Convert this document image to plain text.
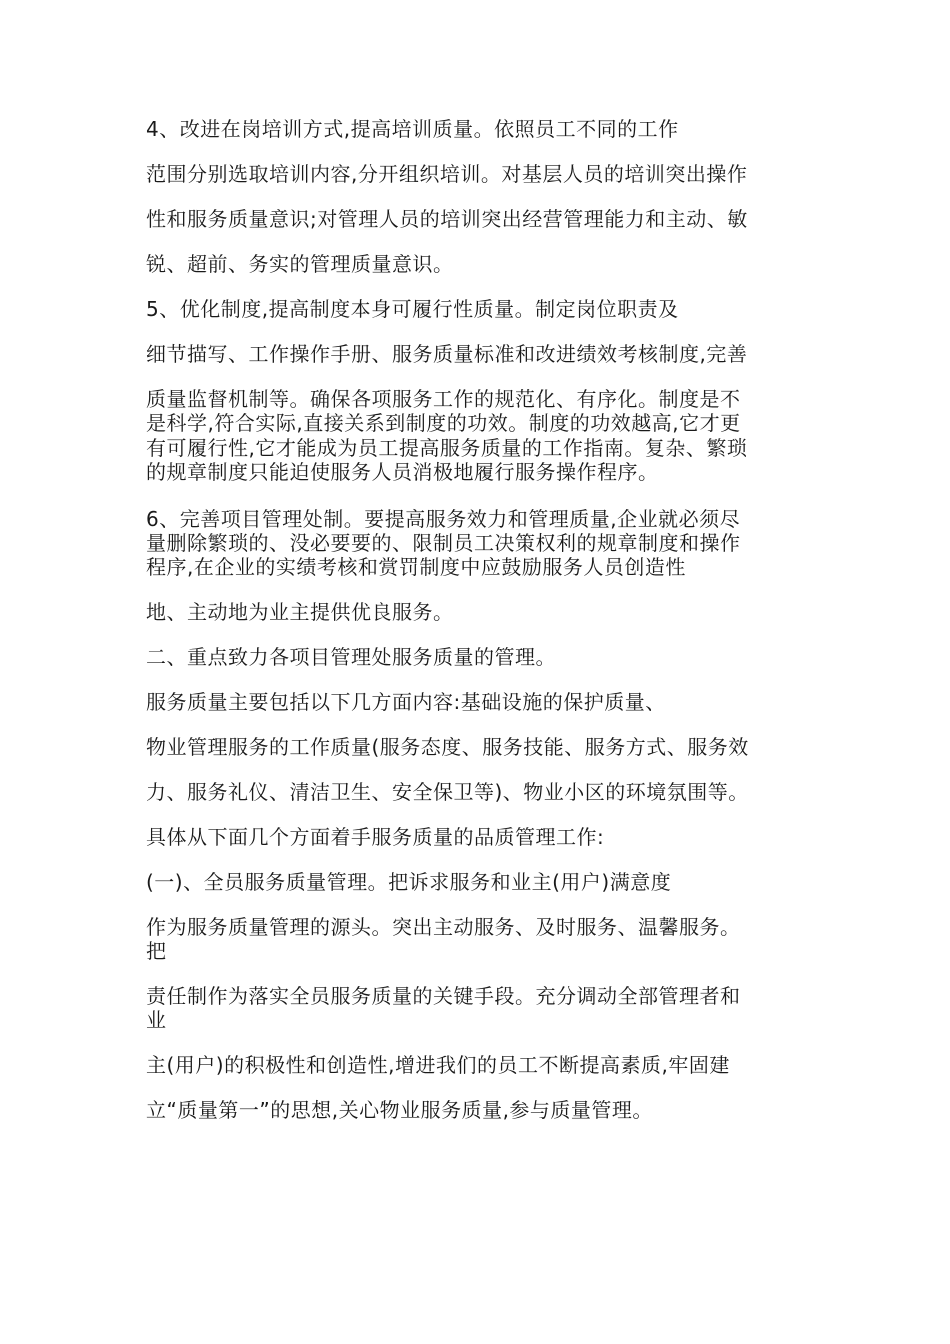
4、改进在岗培训方式,提高培训质量。依照员工不同的工作
范围分别选取培训内容,分开组织培训。对基层人员的培训突出操作
性和服务质量意识;对管理人员的培训突出经营管理能力和主动、敏
锐、超前、务实的管理质量意识。
5、优化制度,提高制度本身可履行性质量。制定岗位职责及
细节描写、工作操作手册、服务质量标准和改进绩效考核制度,完善
质量监督机制等。确保各项服务工作的规范化、有序化。制度是不
是科学,符合实际,直接关系到制度的功效。制度的功效越高,它才更
有可履行性,它才能成为员工提高服务质量的工作指南。复杂、繁琐
的规章制度只能迫使服务人员消极地履行服务操作程序。
6、完善项目管理处制。要提高服务效力和管理质量,企业就必须尽
量删除繁琐的、没必要要的、限制员工决策权利的规章制度和操作
程序,在企业的实绩考核和赏罚制度中应鼓励服务人员创造性
地、主动地为业主提供优良服务。
二、重点致力各项目管理处服务质量的管理。
服务质量主要包括以下几方面内容:基础设施的保护质量、
物业管理服务的工作质量(服务态度、服务技能、服务方式、服务效
力、服务礼仪、清洁卫生、安全保卫等)、物业小区的环境氛围等。
具体从下面几个方面着手服务质量的品质管理工作:
(一)、全员服务质量管理。把诉求服务和业主(用户)满意度
作为服务质量管理的源头。突出主动服务、及时服务、温馨服务。
把
责任制作为落实全员服务质量的关键手段。充分调动全部管理者和
业
主(用户)的积极性和创造性,增进我们的员工不断提高素质,牢固建
立“质量第一”的思想,关心物业服务质量,参与质量管理。
